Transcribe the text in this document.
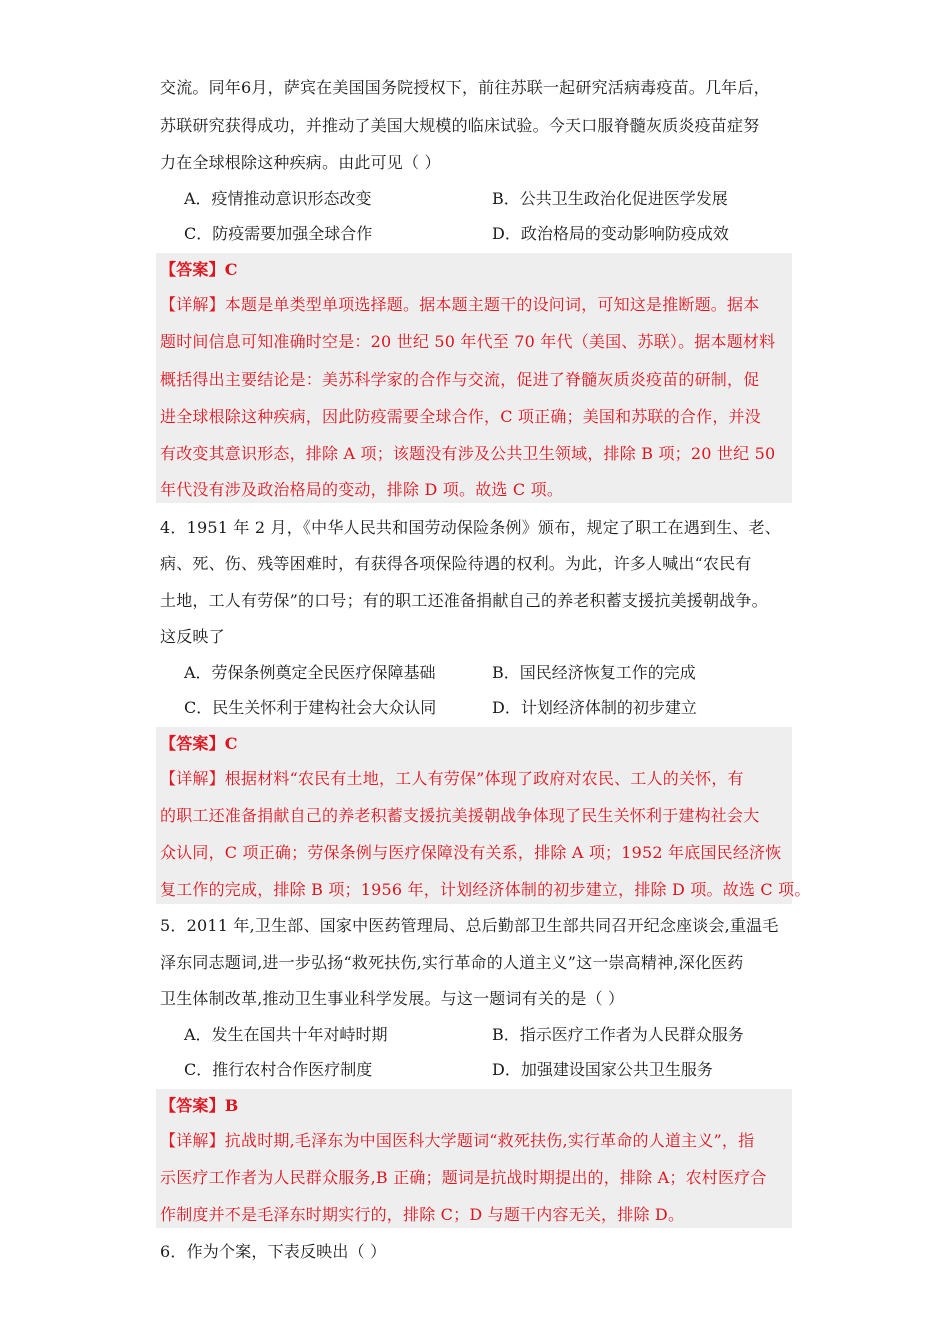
交流。同年6月，萨宾在美国国务院授权下，前往苏联一起研究活病毒疫苗。几年后，
苏联研究获得成功，并推动了美国大规模的临床试验。今天口服脊髓灰质炎疫苗症努
力在全球根除这种疾病。由此可见（ ）
A．疫情推动意识形态改变	B．公共卫生政治化促进医学发展
C．防疫需要加强全球合作	D．政治格局的变动影响防疫成效
【答案】C
【详解】本题是单类型单项选择题。据本题主题干的设问词，可知这是推断题。据本
题时间信息可知准确时空是：20 世纪 50 年代至 70 年代（美国、苏联）。据本题材料
概括得出主要结论是：美苏科学家的合作与交流，促进了脊髓灰质炎疫苗的研制，促
进全球根除这种疾病，因此防疫需要全球合作，C 项正确；美国和苏联的合作，并没
有改变其意识形态，排除 A 项；该题没有涉及公共卫生领域，排除 B 项；20 世纪 50
年代没有涉及政治格局的变动，排除 D 项。故选 C 项。
4．1951 年 2 月，《中华人民共和国劳动保险条例》颁布，规定了职工在遇到生、老、
病、死、伤、残等困难时，有获得各项保险待遇的权利。为此，许多人喊出“农民有
土地，工人有劳保”的口号；有的职工还准备捐献自己的养老积蓄支援抗美援朝战争。
这反映了
A．劳保条例奠定全民医疗保障基础	B．国民经济恢复工作的完成
C．民生关怀利于建构社会大众认同	D．计划经济体制的初步建立
【答案】C
【详解】根据材料“农民有土地，工人有劳保”体现了政府对农民、工人的关怀，有
的职工还准备捐献自己的养老积蓄支援抗美援朝战争体现了民生关怀利于建构社会大
众认同，C 项正确；劳保条例与医疗保障没有关系，排除 A 项；1952 年底国民经济恢
复工作的完成，排除 B 项；1956 年，计划经济体制的初步建立，排除 D 项。故选 C 项。
5．2011 年,卫生部、国家中医药管理局、总后勤部卫生部共同召开纪念座谈会,重温毛
泽东同志题词,进一步弘扬“救死扶伤,实行革命的人道主义”这一崇高精神,深化医药
卫生体制改革,推动卫生事业科学发展。与这一题词有关的是（ ）
A．发生在国共十年对峙时期	B．指示医疗工作者为人民群众服务
C．推行农村合作医疗制度	D．加强建设国家公共卫生服务
【答案】B
【详解】抗战时期,毛泽东为中国医科大学题词“救死扶伤,实行革命的人道主义”，指
示医疗工作者为人民群众服务,B 正确；题词是抗战时期提出的，排除 A；农村医疗合
作制度并不是毛泽东时期实行的，排除 C；D 与题干内容无关，排除 D。
6．作为个案，下表反映出（ ）
